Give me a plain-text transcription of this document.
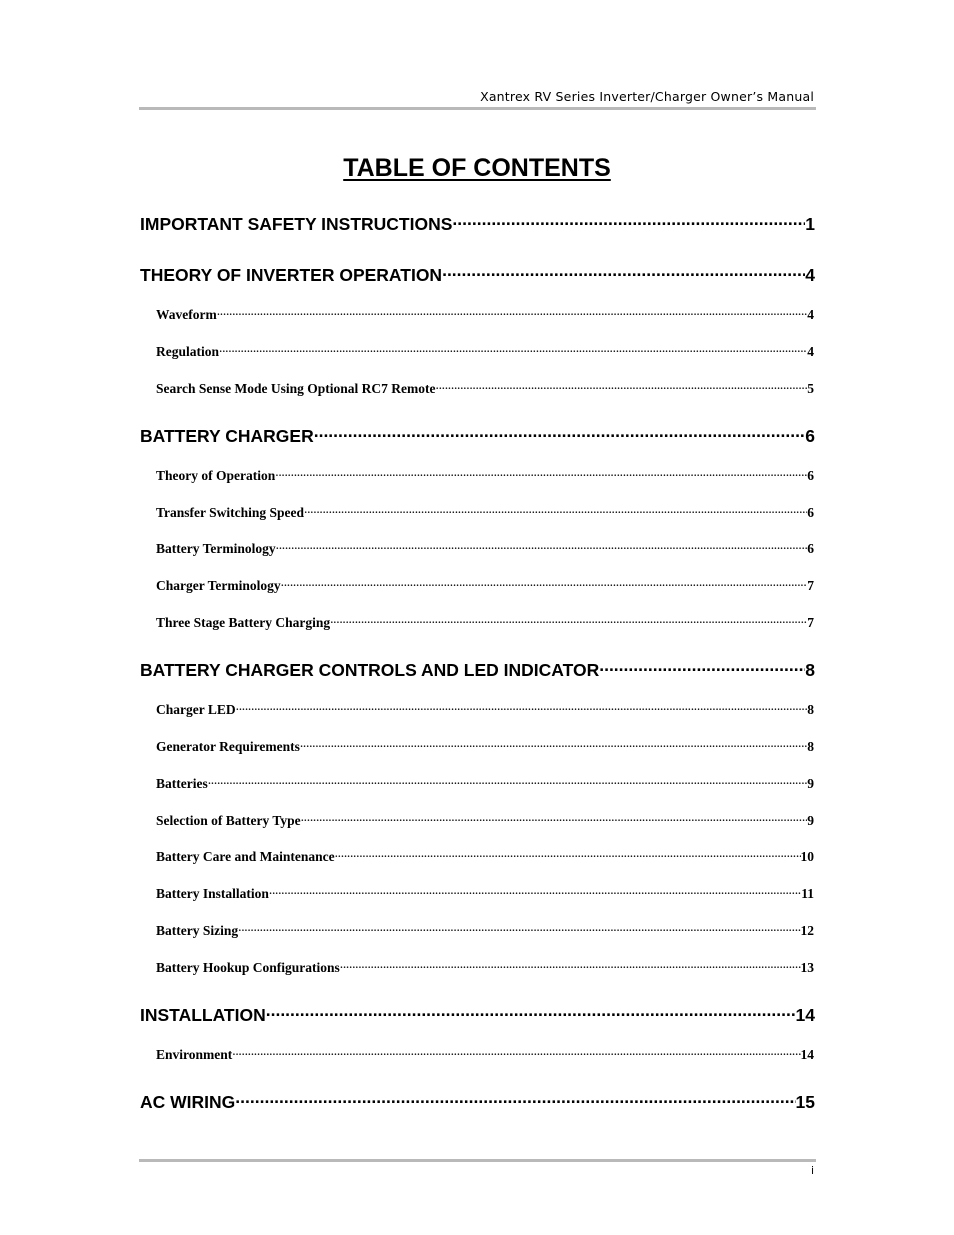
Xantrex RV Series Inverter/Charger Owner’s Manual
TABLE OF CONTENTS
IMPORTANT SAFETY INSTRUCTIONS .....	1
THEORY OF INVERTER OPERATION .....	4
Waveform .....	4
Regulation .....	4
Search Sense Mode Using Optional RC7 Remote .....	5
BATTERY CHARGER .....	6
Theory of Operation .....	6
Transfer Switching Speed .....	6
Battery Terminology .....	6
Charger Terminology .....	7
Three Stage Battery Charging .....	7
BATTERY CHARGER CONTROLS AND LED INDICATOR .....	8
Charger LED .....	8
Generator Requirements .....	8
Batteries .....	9
Selection of Battery Type .....	9
Battery Care and Maintenance .....	10
Battery Installation .....	11
Battery Sizing .....	12
Battery Hookup Configurations .....	13
INSTALLATION .....	14
Environment .....	14
AC WIRING .....	15
i
